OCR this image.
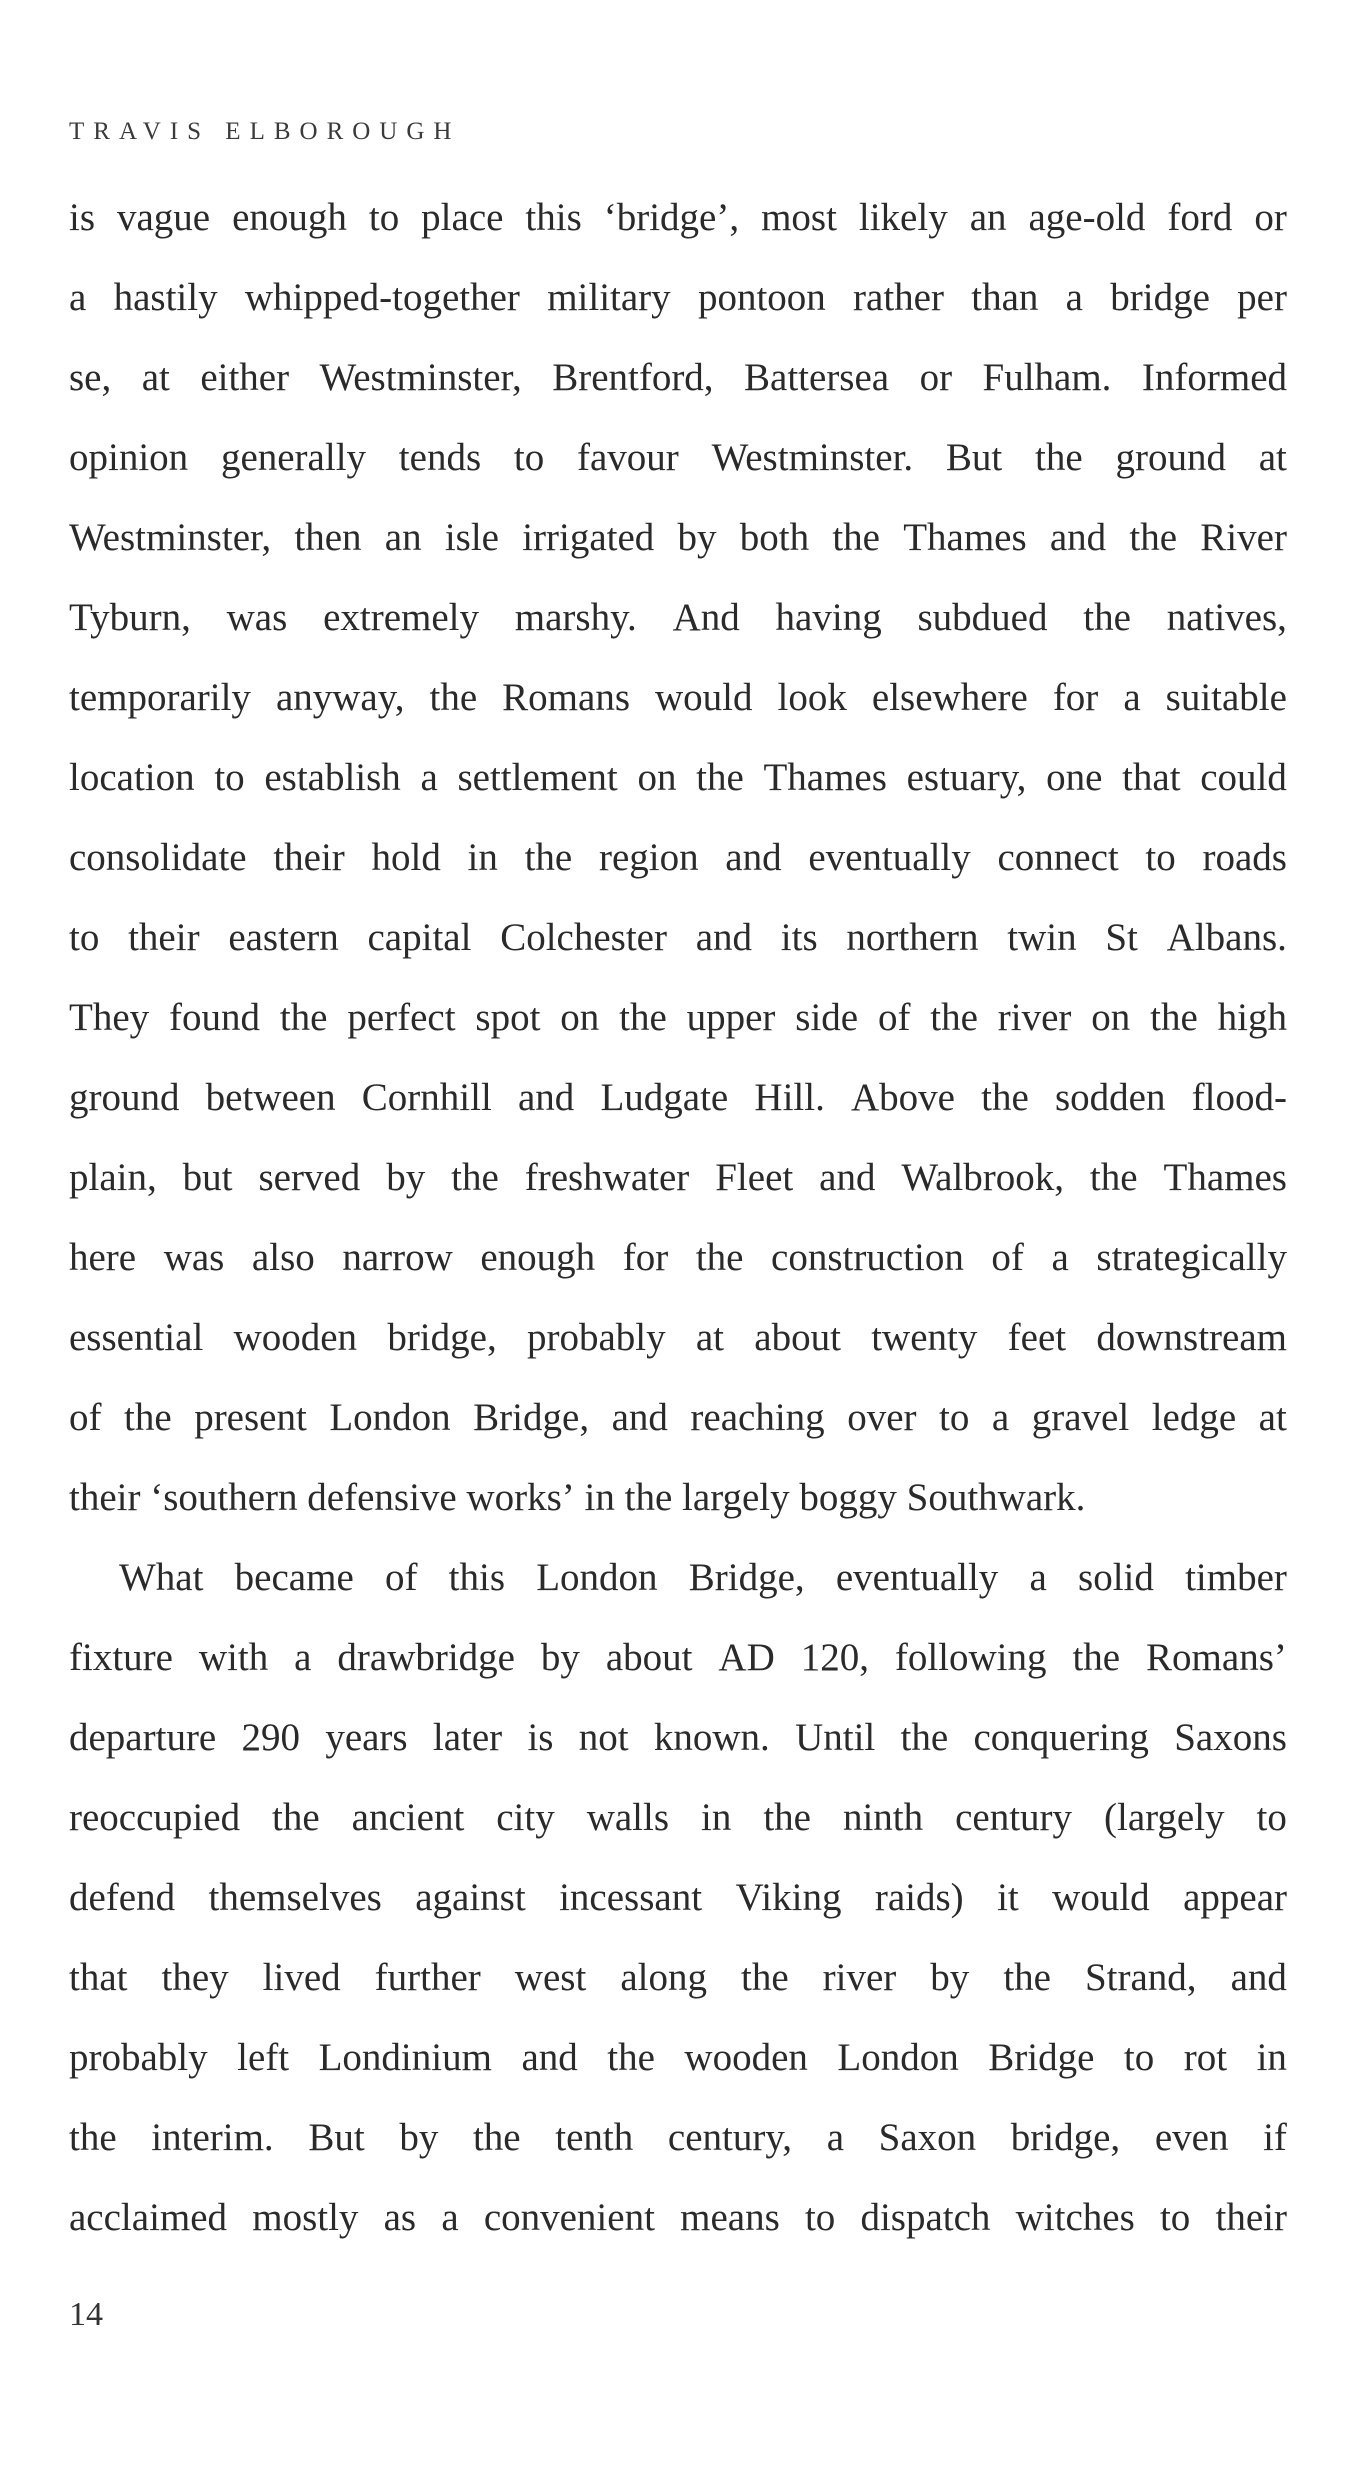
TRAVIS ELBOROUGH
is vague enough to place this ‘bridge’, most likely an age-old ford or
a hastily whipped-together military pontoon rather than a bridge per
se, at either Westminster, Brentford, Battersea or Fulham. Informed
opinion generally tends to favour Westminster. But the ground at
Westminster, then an isle irrigated by both the Thames and the River
Tyburn, was extremely marshy. And having subdued the natives,
temporarily anyway, the Romans would look elsewhere for a suitable
location to establish a settlement on the Thames estuary, one that could
consolidate their hold in the region and eventually connect to roads
to their eastern capital Colchester and its northern twin St Albans.
They found the perfect spot on the upper side of the river on the high
ground between Cornhill and Ludgate Hill. Above the sodden flood-
plain, but served by the freshwater Fleet and Walbrook, the Thames
here was also narrow enough for the construction of a strategically
essential wooden bridge, probably at about twenty feet downstream
of the present London Bridge, and reaching over to a gravel ledge at
their ‘southern defensive works’ in the largely boggy Southwark.
What became of this London Bridge, eventually a solid timber
fixture with a drawbridge by about AD 120, following the Romans’
departure 290 years later is not known. Until the conquering Saxons
reoccupied the ancient city walls in the ninth century (largely to
defend themselves against incessant Viking raids) it would appear
that they lived further west along the river by the Strand, and
probably left Londinium and the wooden London Bridge to rot in
the interim. But by the tenth century, a Saxon bridge, even if
acclaimed mostly as a convenient means to dispatch witches to their
14
